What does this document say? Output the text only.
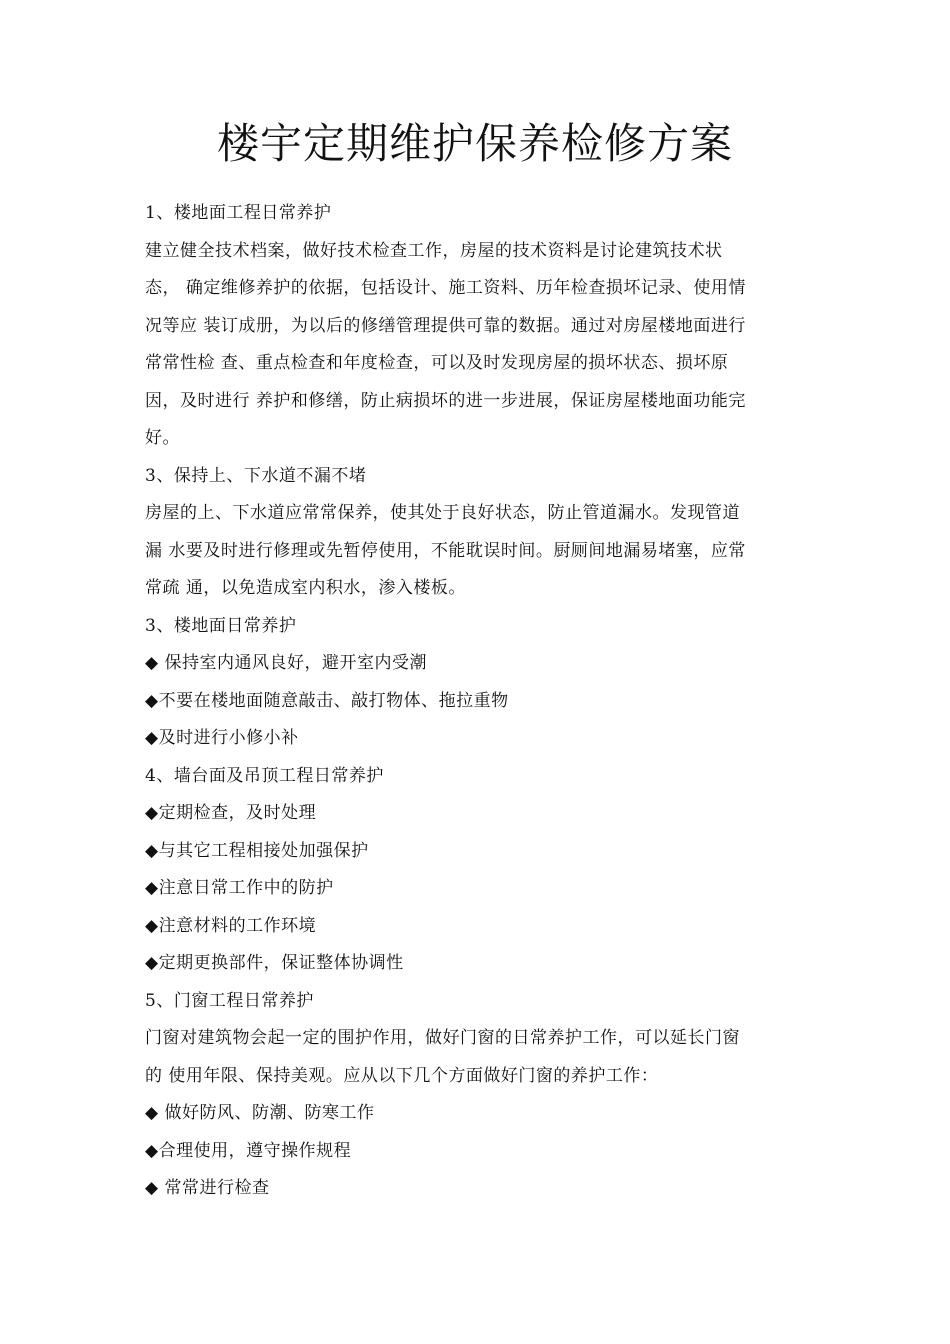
楼宇定期维护保养检修方案
1、楼地面工程日常养护
建立健全技术档案，做好技术检查工作，房屋的技术资料是讨论建筑技术状
态， 确定维修养护的依据，包括设计、施工资料、历年检查损坏记录、使用情
况等应 装订成册，为以后的修缮管理提供可靠的数据。通过对房屋楼地面进行
常常性检 查、重点检查和年度检查，可以及时发现房屋的损坏状态、损坏原
因，及时进行 养护和修缮，防止病损坏的进一步进展，保证房屋楼地面功能完
好。
3、保持上、下水道不漏不堵
房屋的上、下水道应常常保养，使其处于良好状态，防止管道漏水。发现管道
漏 水要及时进行修理或先暂停使用，不能耽误时间。厨厕间地漏易堵塞，应常
常疏 通，以免造成室内积水，渗入楼板。
3、楼地面日常养护
◆ 保持室内通风良好，避开室内受潮
◆不要在楼地面随意敲击、敲打物体、拖拉重物
◆及时进行小修小补
4、墙台面及吊顶工程日常养护
◆定期检查，及时处理
◆与其它工程相接处加强保护
◆注意日常工作中的防护
◆注意材料的工作环境
◆定期更换部件，保证整体协调性
5、门窗工程日常养护
门窗对建筑物会起一定的围护作用，做好门窗的日常养护工作，可以延长门窗
的 使用年限、保持美观。应从以下几个方面做好门窗的养护工作：
◆ 做好防风、防潮、防寒工作
◆合理使用，遵守操作规程
◆ 常常进行检查
